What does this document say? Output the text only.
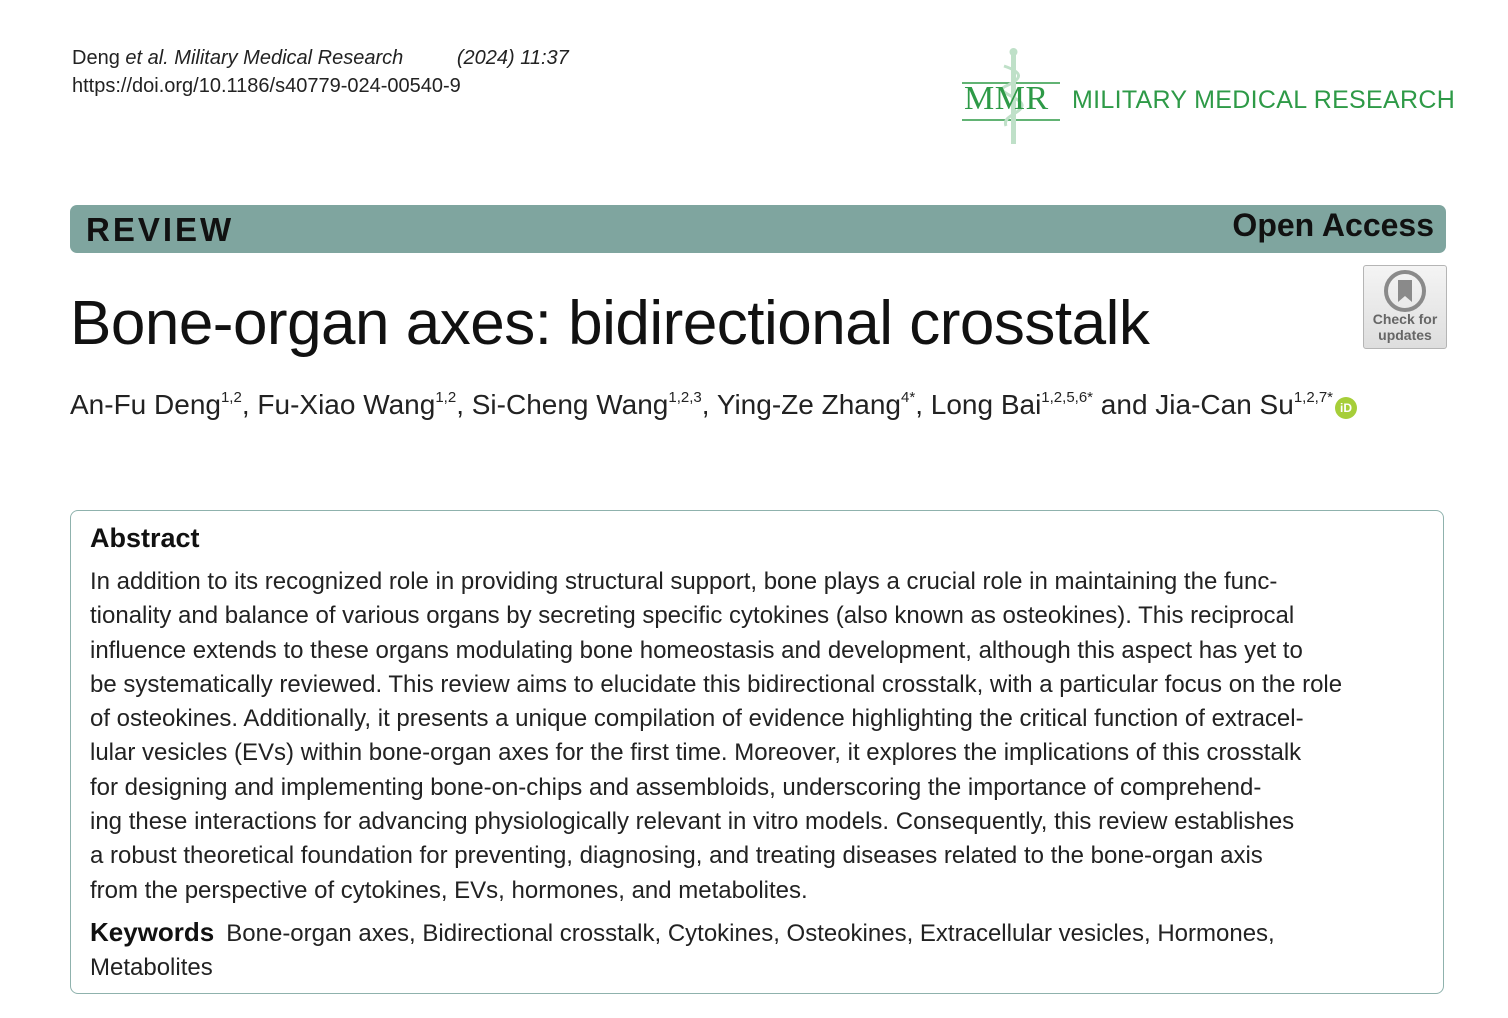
Deng et al. Military Medical Research	(2024) 11:37
https://doi.org/10.1186/s40779-024-00540-9	MMR MILITARY MEDICAL RESEARCH
REVIEW	Open Access
Bone-organ axes: bidirectional crosstalk	Check for
updates
An-Fu Deng$^{1,2}$, Fu-Xiao Wang$^{1,2}$, Si-Cheng Wang$^{1,2,3}$, Ying-Ze Zhang$^{4*}$, Long Bai$^{1,2,5,6*}$ and Jia-Can $Su^{1,2,7*}iD$
Abstract
In addition to its recognized role in providing structural support, bone plays a crucial role in maintaining the func-
tionality and balance of various organs by secreting specific cytokines (also known as osteokines). This reciprocal
influence extends to these organs modulating bone homeostasis and development, although this aspect has yet to
be systematically reviewed. This review aims to elucidate this bidirectional crosstalk, with a particular focus on the role
of osteokines. Additionally, it presents a unique compilation of evidence highlighting the critical function of extracel-
lular vesicles (EVs) within bone-organ axes for the first time. Moreover, it explores the implications of this crosstalk
for designing and implementing bone-on-chips and assembloids, underscoring the importance of comprehend-
ing these interactions for advancing physiologically relevant in vitro models. Consequently, this review establishes
a robust theoretical foundation for preventing, diagnosing, and treating diseases related to the bone-organ axis
from the perspective of cytokines, EVs, hormones, and metabolites.
Keywords Bone-organ axes, Bidirectional crosstalk, Cytokines, Osteokines, Extracellular vesicles, Hormones,
Metabolites
